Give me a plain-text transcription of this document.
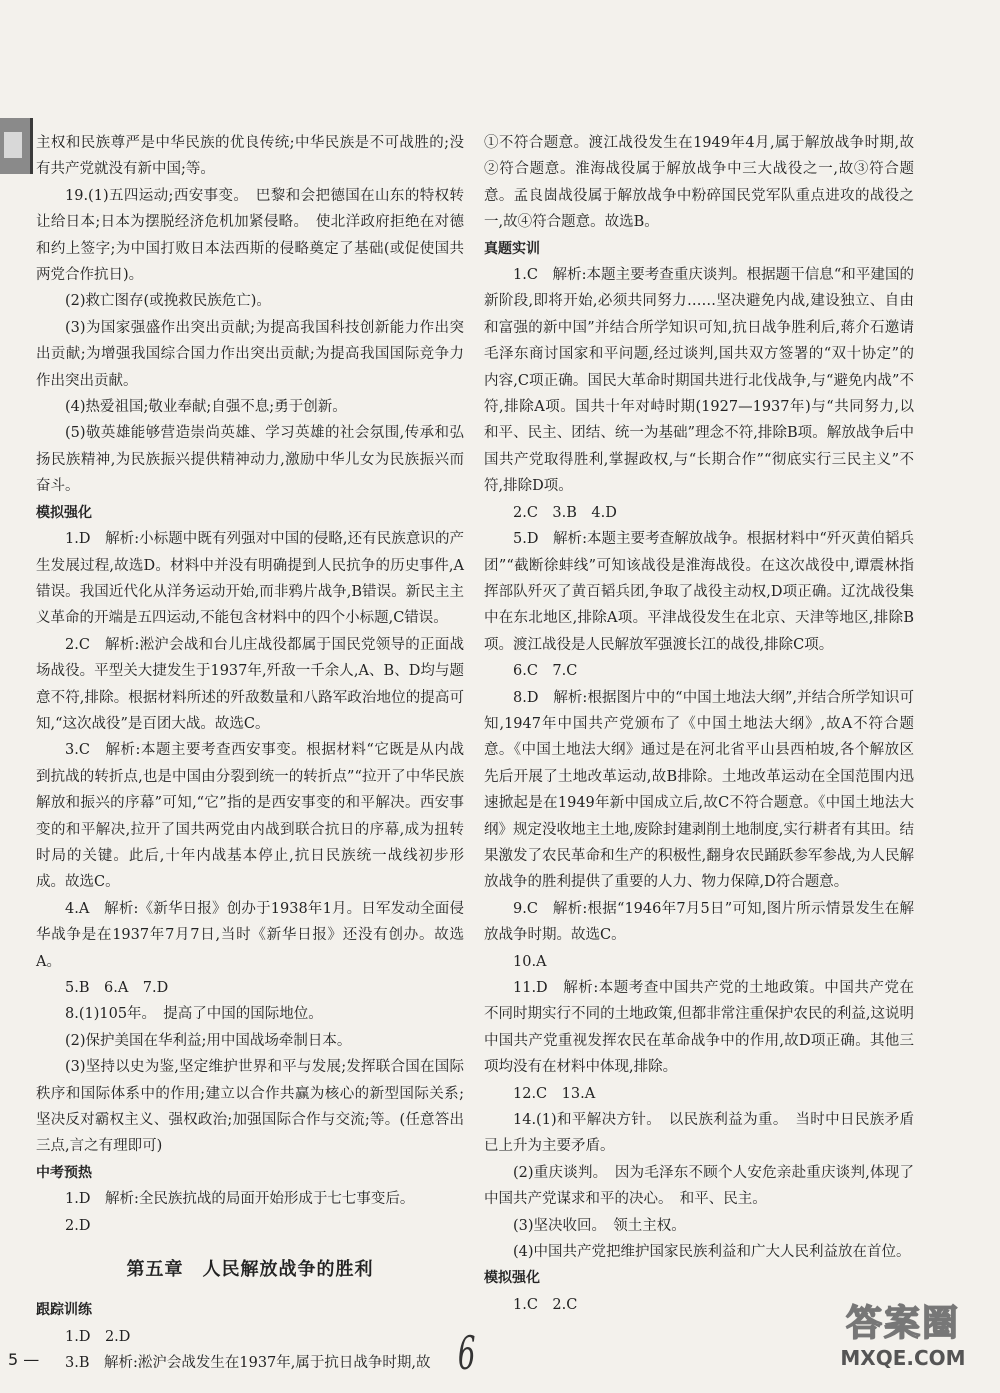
主权和民族尊严是中华民族的优良传统;中华民族是不可战胜的;没有共产党就没有新中国;等。

19.(1)五四运动;西安事变。　巴黎和会把德国在山东的特权转让给日本;日本为摆脱经济危机加紧侵略。　使北洋政府拒绝在对德和约上签字;为中国打败日本法西斯的侵略奠定了基础(或促使国共两党合作抗日)。

(2)救亡图存(或挽救民族危亡)。

(3)为国家强盛作出突出贡献;为提高我国科技创新能力作出突出贡献;为增强我国综合国力作出突出贡献;为提高我国国际竞争力作出突出贡献。

(4)热爱祖国;敬业奉献;自强不息;勇于创新。

(5)敬英雄能够营造崇尚英雄、学习英雄的社会氛围,传承和弘扬民族精神,为民族振兴提供精神动力,激励中华儿女为民族振兴而奋斗。

模拟强化

1.D　解析:小标题中既有列强对中国的侵略,还有民族意识的产生发展过程,故选D。材料中并没有明确提到人民抗争的历史事件,A错误。我国近代化从洋务运动开始,而非鸦片战争,B错误。新民主主义革命的开端是五四运动,不能包含材料中的四个小标题,C错误。

2.C　解析:淞沪会战和台儿庄战役都属于国民党领导的正面战场战役。平型关大捷发生于1937年,歼敌一千余人,A、B、D均与题意不符,排除。根据材料所述的歼敌数量和八路军政治地位的提高可知,“这次战役”是百团大战。故选C。

3.C　解析:本题主要考查西安事变。根据材料“它既是从内战到抗战的转折点,也是中国由分裂到统一的转折点”“拉开了中华民族解放和振兴的序幕”可知,“它”指的是西安事变的和平解决。西安事变的和平解决,拉开了国共两党由内战到联合抗日的序幕,成为扭转时局的关键。此后,十年内战基本停止,抗日民族统一战线初步形成。故选C。

4.A　解析:《新华日报》创办于1938年1月。日军发动全面侵华战争是在1937年7月7日,当时《新华日报》还没有创办。故选A。

5.B　6.A　7.D

8.(1)105年。　提高了中国的国际地位。

(2)保护美国在华利益;用中国战场牵制日本。

(3)坚持以史为鉴,坚定维护世界和平与发展;发挥联合国在国际秩序和国际体系中的作用;建立以合作共赢为核心的新型国际关系;坚决反对霸权主义、强权政治;加强国际合作与交流;等。(任意答出三点,言之有理即可)

中考预热

1.D　解析:全民族抗战的局面开始形成于七七事变后。

2.D

第五章　人民解放战争的胜利

跟踪训练

1.D　2.D

3.B　解析:淞沪会战发生在1937年,属于抗日战争时期,故

①不符合题意。渡江战役发生在1949年4月,属于解放战争时期,故②符合题意。淮海战役属于解放战争中三大战役之一,故③符合题意。孟良崮战役属于解放战争中粉碎国民党军队重点进攻的战役之一,故④符合题意。故选B。

真题实训

1.C　解析:本题主要考查重庆谈判。根据题干信息“和平建国的新阶段,即将开始,必须共同努力……坚决避免内战,建设独立、自由和富强的新中国”并结合所学知识可知,抗日战争胜利后,蒋介石邀请毛泽东商讨国家和平问题,经过谈判,国共双方签署的“双十协定”的内容,C项正确。国民大革命时期国共进行北伐战争,与“避免内战”不符,排除A项。国共十年对峙时期(1927—1937年)与“共同努力,以和平、民主、团结、统一为基础”理念不符,排除B项。解放战争后中国共产党取得胜利,掌握政权,与“长期合作”“彻底实行三民主义”不符,排除D项。

2.C　3.B　4.D

5.D　解析:本题主要考查解放战争。根据材料中“歼灭黄伯韬兵团”“截断徐蚌线”可知该战役是淮海战役。在这次战役中,谭震林指挥部队歼灭了黄百韬兵团,争取了战役主动权,D项正确。辽沈战役集中在东北地区,排除A项。平津战役发生在北京、天津等地区,排除B项。渡江战役是人民解放军强渡长江的战役,排除C项。

6.C　7.C

8.D　解析:根据图片中的“中国土地法大纲”,并结合所学知识可知,1947年中国共产党颁布了《中国土地法大纲》,故A不符合题意。《中国土地法大纲》通过是在河北省平山县西柏坡,各个解放区先后开展了土地改革运动,故B排除。土地改革运动在全国范围内迅速掀起是在1949年新中国成立后,故C不符合题意。《中国土地法大纲》规定没收地主土地,废除封建剥削土地制度,实行耕者有其田。结果激发了农民革命和生产的积极性,翻身农民踊跃参军参战,为人民解放战争的胜利提供了重要的人力、物力保障,D符合题意。

9.C　解析:根据“1946年7月5日”可知,图片所示情景发生在解放战争时期。故选C。

10.A

11.D　解析:本题考查中国共产党的土地政策。中国共产党在不同时期实行不同的土地政策,但都非常注重保护农民的利益,这说明中国共产党重视发挥农民在革命战争中的作用,故D项正确。其他三项均没有在材料中体现,排除。

12.C　13.A

14.(1)和平解决方针。　以民族利益为重。　当时中日民族矛盾已上升为主要矛盾。

(2)重庆谈判。　因为毛泽东不顾个人安危亲赴重庆谈判,体现了中国共产党谋求和平的决心。　和平、民主。

(3)坚决收回。　领土主权。

(4)中国共产党把维护国家民族利益和广大人民利益放在首位。

模拟强化

1.C　2.C

5 —	6
答案圈
MXQE.COM
